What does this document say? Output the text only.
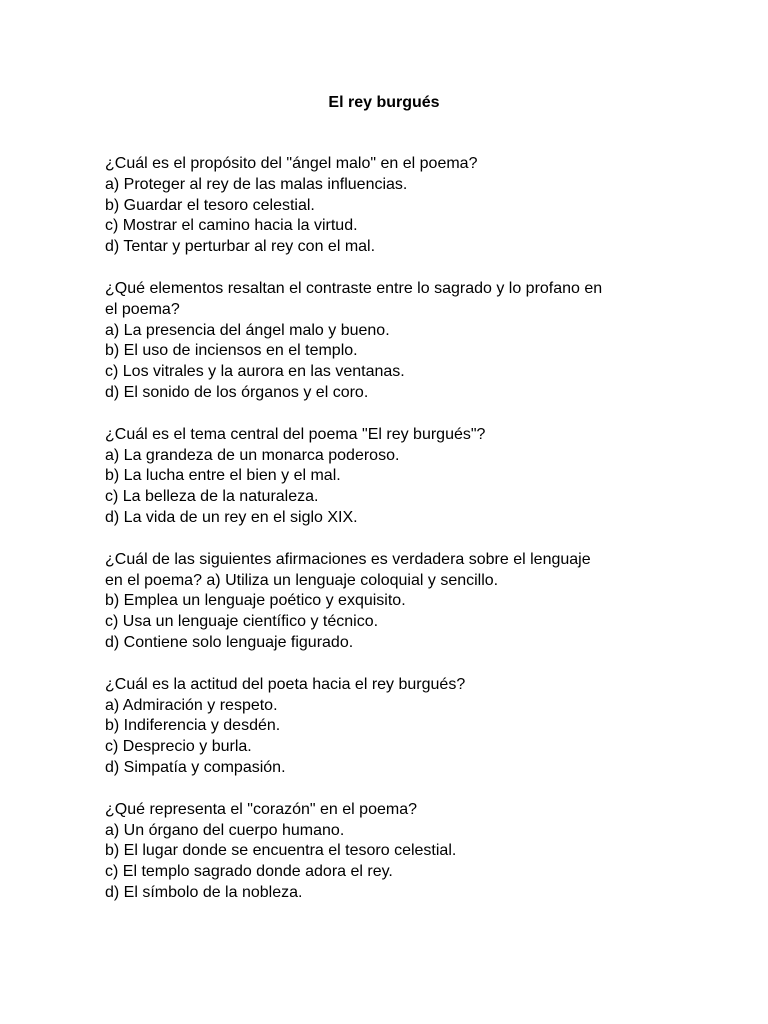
El rey burgués
¿Cuál es el propósito del "ángel malo" en el poema?
a) Proteger al rey de las malas influencias.
b) Guardar el tesoro celestial.
c) Mostrar el camino hacia la virtud.
d) Tentar y perturbar al rey con el mal.
¿Qué elementos resaltan el contraste entre lo sagrado y lo profano en
el poema?
a) La presencia del ángel malo y bueno.
b) El uso de inciensos en el templo.
c) Los vitrales y la aurora en las ventanas.
d) El sonido de los órganos y el coro.
¿Cuál es el tema central del poema "El rey burgués"?
a) La grandeza de un monarca poderoso.
b) La lucha entre el bien y el mal.
c) La belleza de la naturaleza.
d) La vida de un rey en el siglo XIX.
¿Cuál de las siguientes afirmaciones es verdadera sobre el lenguaje
en el poema? a) Utiliza un lenguaje coloquial y sencillo.
b) Emplea un lenguaje poético y exquisito.
c) Usa un lenguaje científico y técnico.
d) Contiene solo lenguaje figurado.
¿Cuál es la actitud del poeta hacia el rey burgués?
a) Admiración y respeto.
b) Indiferencia y desdén.
c) Desprecio y burla.
d) Simpatía y compasión.
¿Qué representa el "corazón" en el poema?
a) Un órgano del cuerpo humano.
b) El lugar donde se encuentra el tesoro celestial.
c) El templo sagrado donde adora el rey.
d) El símbolo de la nobleza.
